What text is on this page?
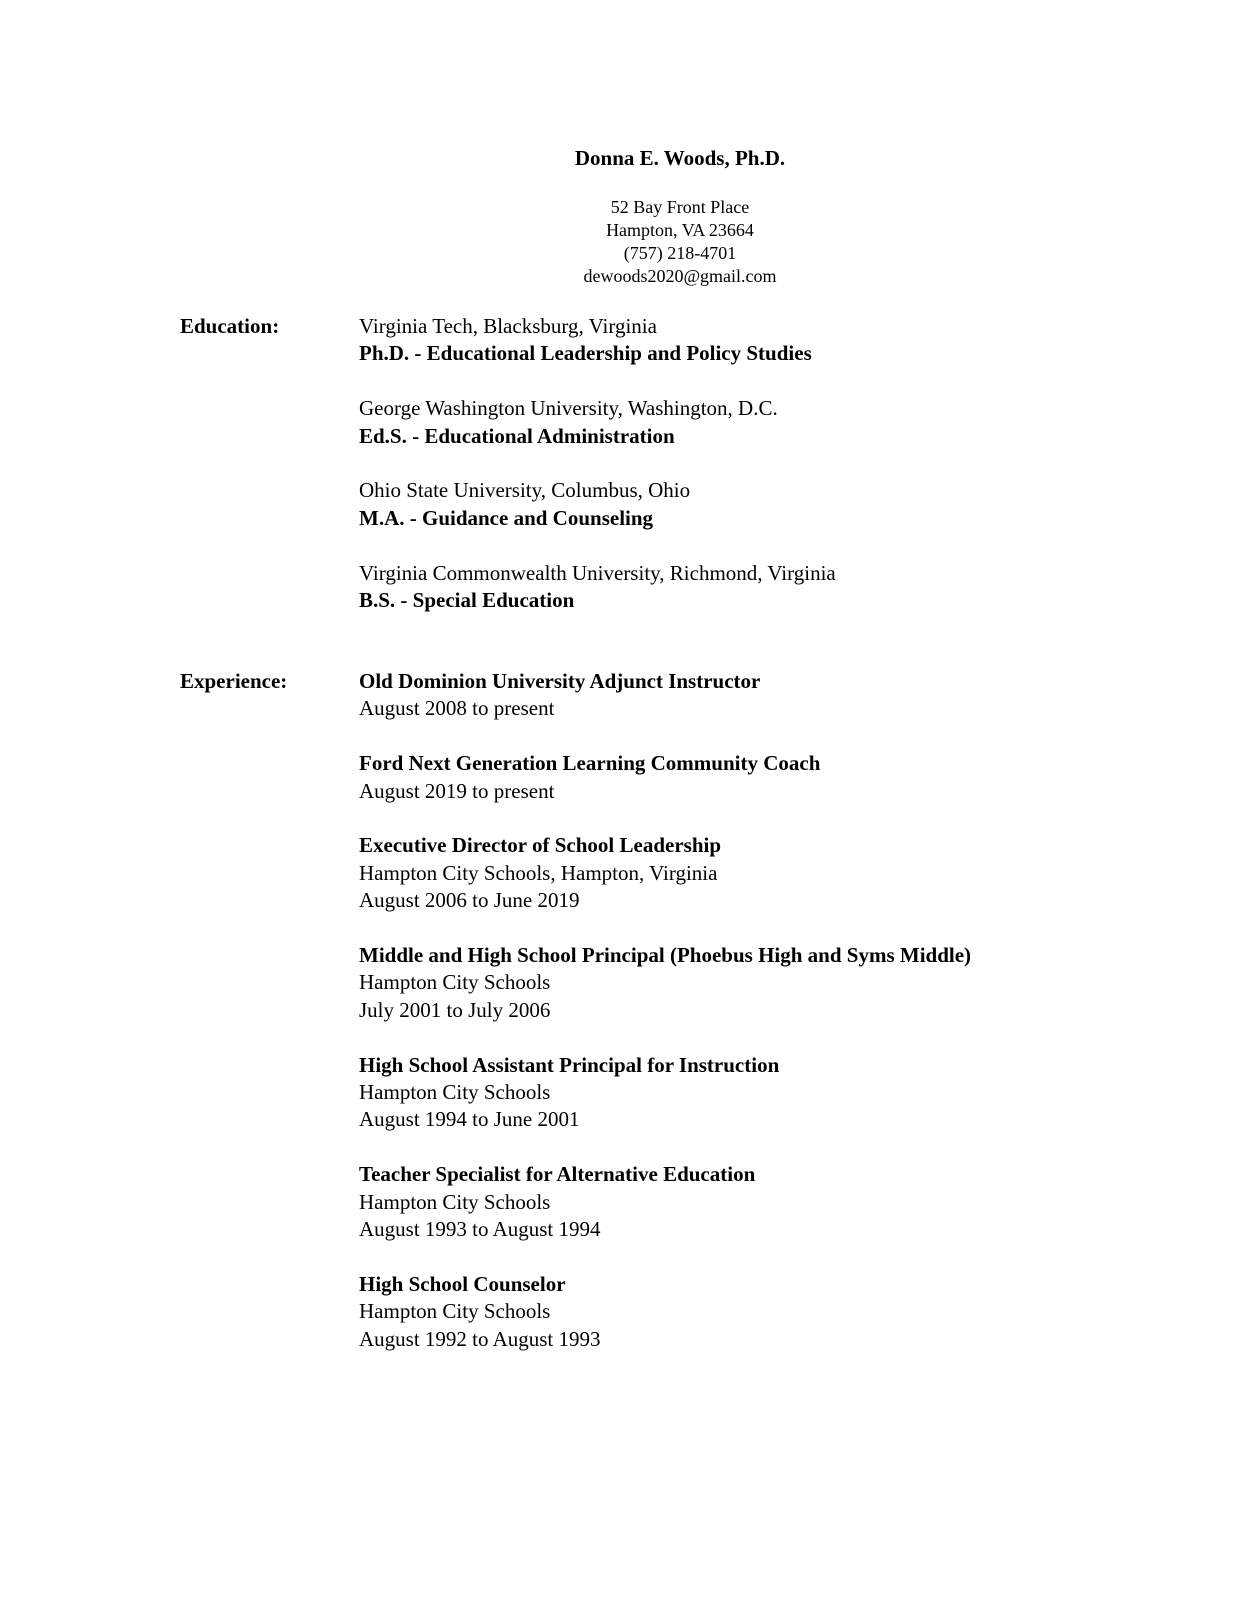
Donna E. Woods, Ph.D.
52 Bay Front Place
Hampton, VA 23664
(757) 218-4701
dewoods2020@gmail.com
Education:	Virginia Tech, Blacksburg, Virginia
Ph.D. - Educational Leadership and Policy Studies
George Washington University, Washington, D.C.
Ed.S. - Educational Administration
Ohio State University, Columbus, Ohio
M.A. - Guidance and Counseling
Virginia Commonwealth University, Richmond, Virginia
B.S. - Special Education
Experience:	Old Dominion University Adjunct Instructor
August 2008 to present
Ford Next Generation Learning Community Coach
August 2019 to present
Executive Director of School Leadership
Hampton City Schools, Hampton, Virginia
August 2006 to June 2019
Middle and High School Principal (Phoebus High and Syms Middle)
Hampton City Schools
July 2001 to July 2006
High School Assistant Principal for Instruction
Hampton City Schools
August 1994 to June 2001
Teacher Specialist for Alternative Education
Hampton City Schools
August 1993 to August 1994
High School Counselor
Hampton City Schools
August 1992 to August 1993
